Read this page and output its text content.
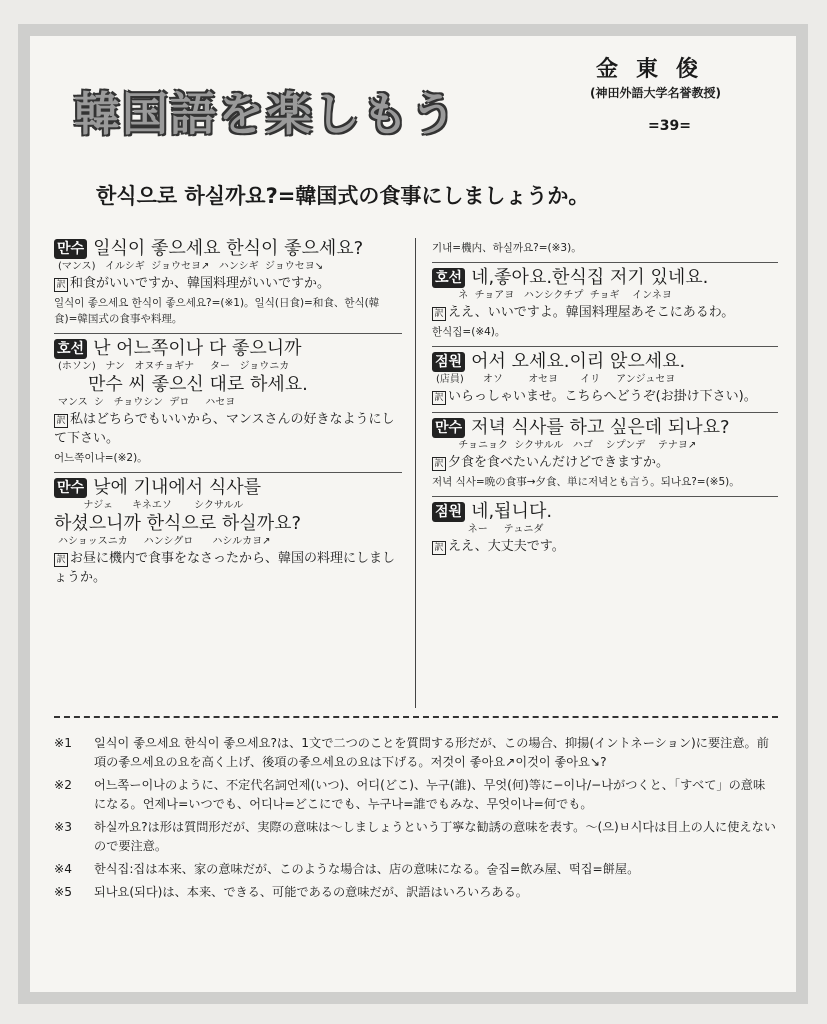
韓国語を楽しもう
金東俊
(神田外語大学名誉教授)
=39=
한식으로 하실까요?=韓国式の食事にしましょうか。
만수 일식이 좋으세요 한식이 좋으세요?
(マンス)   イルシギ  ジョウセヨ↗   ハンシギ  ジョウセヨ↘
訳 和食がいいですか、韓国料理がいいですか。
일식이 좋으세요 한식이 좋으세요?=(※1)。일식(日食)=和食、한식(韓食)=韓国式の食事や料理。
호선 난 어느쪽이나 다 좋으니까
(ホソン)   ナン   オヌチョギナ     ター   ジョウニカ
만수 씨 좋으신 대로 하세요.
マンス  シ   チョウシン  デロ     ハセヨ
訳 私はどちらでもいいから、マンスさんの好きなようにして下さい。
어느쪽이나=(※2)。
만수 낮에 기내에서 식사를
ナジェ      キネエソ       シクサルル
하셨으니까 한식으로 하실까요?
ハショッスニカ     ハンシグロ      ハシルカヨ↗
訳 お昼に機内で食事をなさったから、韓国の料理にしましょうか。
기내=機内、하실까요?=(※3)。
호선 네,좋아요.한식집 저기 있네요.
ネ  チョアヨ   ハンシクチプ  チョギ    インネヨ
訳 ええ、いいですよ。韓国料理屋あそこにあるわ。
한식집=(※4)。
점원 어서 오세요.이리 앉으세요.
(店員)      オソ        オセヨ       イリ     アンジュセヨ
訳 いらっしゃいませ。こちらへどうぞ(お掛け下さい)。
만수 저녁 식사를 하고 싶은데 되나요?
チョニョク  シクサルル   ハゴ    シプンデ    テナヨ↗
訳 夕食を食べたいんだけどできますか。
저녁 식사=晩の食事→夕食、単に저녁とも言う。되나요?=(※5)。
점원 네,됩니다.
ネー     テュニダ
訳 ええ、大丈夫です。
※1	일식이 좋으세요 한식이 좋으세요?は、1文で二つのことを質問する形だが、この場合、抑揚(イントネーション)に要注意。前項の좋으세요の요を高く上げ、後項の좋으세요の요は下げる。저것이 좋아요↗이것이 좋아요↘?
※2	어느쪽ー이나のように、不定代名詞언제(いつ)、어디(どこ)、누구(誰)、무엇(何)等に−이나/−나がつくと、「すべて」の意味になる。언제나=いつでも、어디나=どこにでも、누구나=誰でもみな、무엇이나=何でも。
※3	하실까요?は形は質問形だが、実際の意味は〜しましょうという丁寧な勧誘の意味を表す。〜(으)ㅂ시다は目上の人に使えないので要注意。
※4	한식집:집は本来、家の意味だが、このような場合は、店の意味になる。술집=飲み屋、떡집=餅屋。
※5	되나요(되다)は、本来、できる、可能であるの意味だが、訳語はいろいろある。
